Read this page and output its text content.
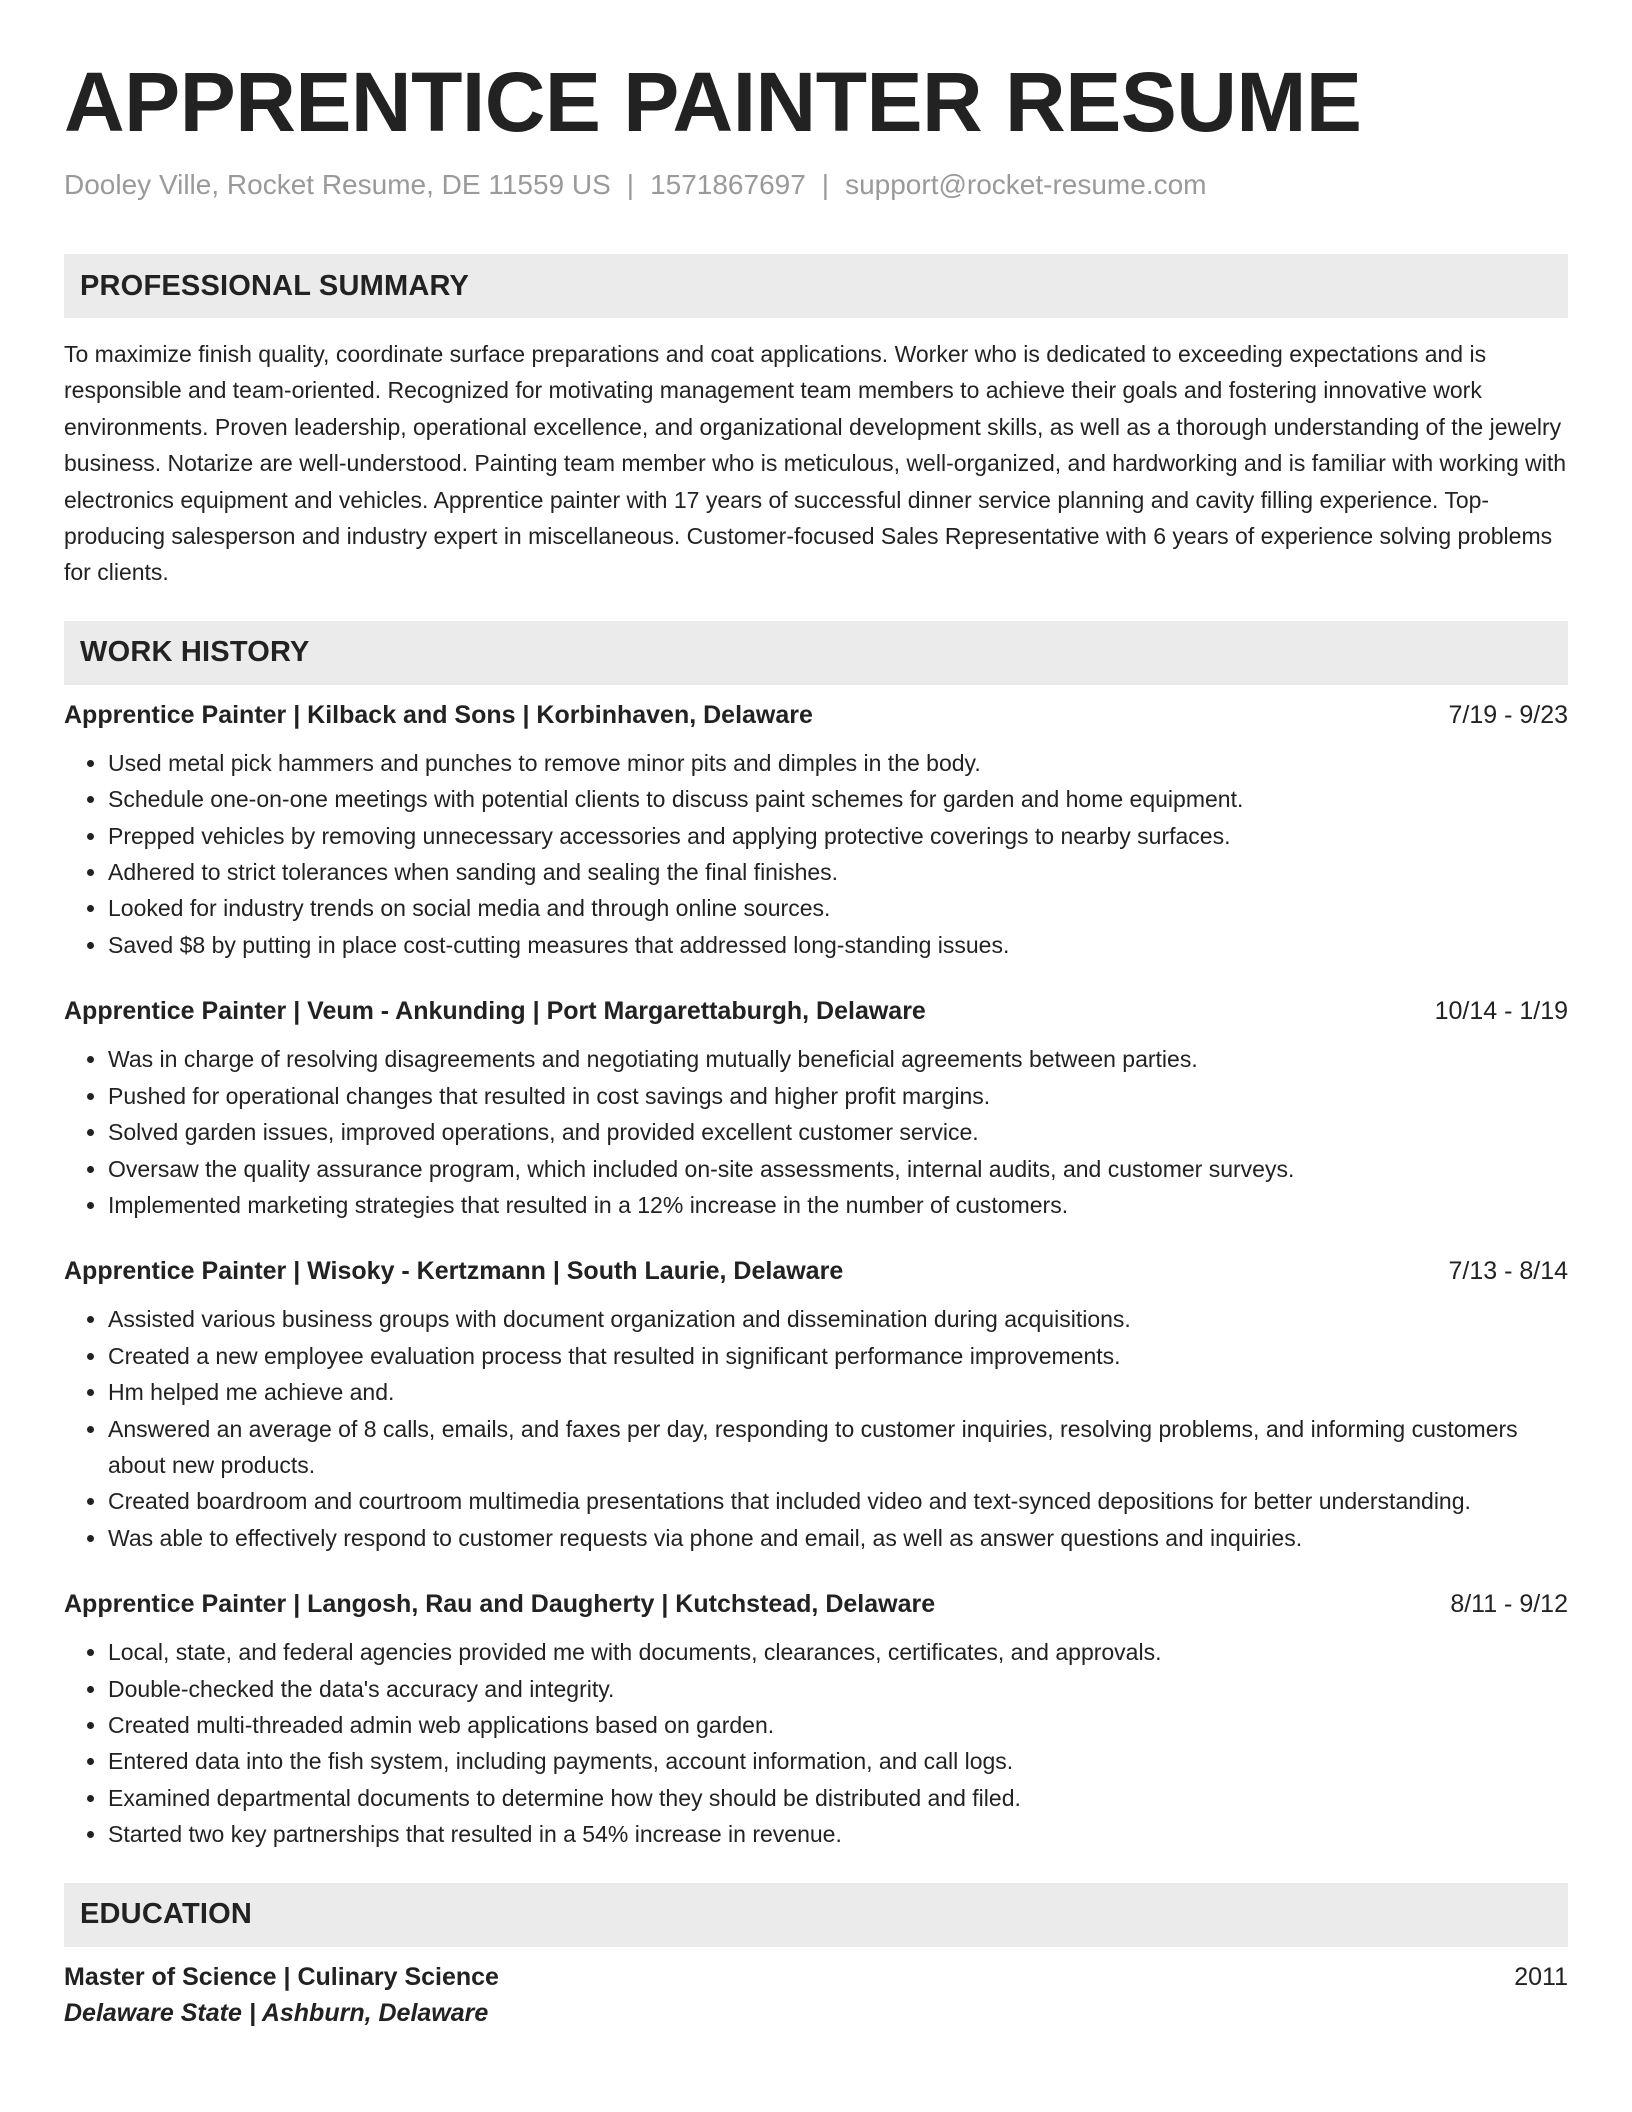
APPRENTICE PAINTER RESUME
Dooley Ville, Rocket Resume, DE 11559 US | 1571867697 | support@rocket-resume.com
PROFESSIONAL SUMMARY
To maximize finish quality, coordinate surface preparations and coat applications. Worker who is dedicated to exceeding expectations and is responsible and team-oriented. Recognized for motivating management team members to achieve their goals and fostering innovative work environments. Proven leadership, operational excellence, and organizational development skills, as well as a thorough understanding of the jewelry business. Notarize are well-understood. Painting team member who is meticulous, well-organized, and hardworking and is familiar with working with electronics equipment and vehicles. Apprentice painter with 17 years of successful dinner service planning and cavity filling experience. Top-producing salesperson and industry expert in miscellaneous. Customer-focused Sales Representative with 6 years of experience solving problems for clients.
WORK HISTORY
Apprentice Painter | Kilback and Sons | Korbinhaven, Delaware	7/19 - 9/23
• Used metal pick hammers and punches to remove minor pits and dimples in the body.
• Schedule one-on-one meetings with potential clients to discuss paint schemes for garden and home equipment.
• Prepped vehicles by removing unnecessary accessories and applying protective coverings to nearby surfaces.
• Adhered to strict tolerances when sanding and sealing the final finishes.
• Looked for industry trends on social media and through online sources.
• Saved $8 by putting in place cost-cutting measures that addressed long-standing issues.
Apprentice Painter | Veum - Ankunding | Port Margarettaburgh, Delaware	10/14 - 1/19
• Was in charge of resolving disagreements and negotiating mutually beneficial agreements between parties.
• Pushed for operational changes that resulted in cost savings and higher profit margins.
• Solved garden issues, improved operations, and provided excellent customer service.
• Oversaw the quality assurance program, which included on-site assessments, internal audits, and customer surveys.
• Implemented marketing strategies that resulted in a 12% increase in the number of customers.
Apprentice Painter | Wisoky - Kertzmann | South Laurie, Delaware	7/13 - 8/14
• Assisted various business groups with document organization and dissemination during acquisitions.
• Created a new employee evaluation process that resulted in significant performance improvements.
• Hm helped me achieve and.
• Answered an average of 8 calls, emails, and faxes per day, responding to customer inquiries, resolving problems, and informing customers about new products.
• Created boardroom and courtroom multimedia presentations that included video and text-synced depositions for better understanding.
• Was able to effectively respond to customer requests via phone and email, as well as answer questions and inquiries.
Apprentice Painter | Langosh, Rau and Daugherty | Kutchstead, Delaware	8/11 - 9/12
• Local, state, and federal agencies provided me with documents, clearances, certificates, and approvals.
• Double-checked the data's accuracy and integrity.
• Created multi-threaded admin web applications based on garden.
• Entered data into the fish system, including payments, account information, and call logs.
• Examined departmental documents to determine how they should be distributed and filed.
• Started two key partnerships that resulted in a 54% increase in revenue.
EDUCATION
Master of Science | Culinary Science	2011
Delaware State | Ashburn, Delaware
